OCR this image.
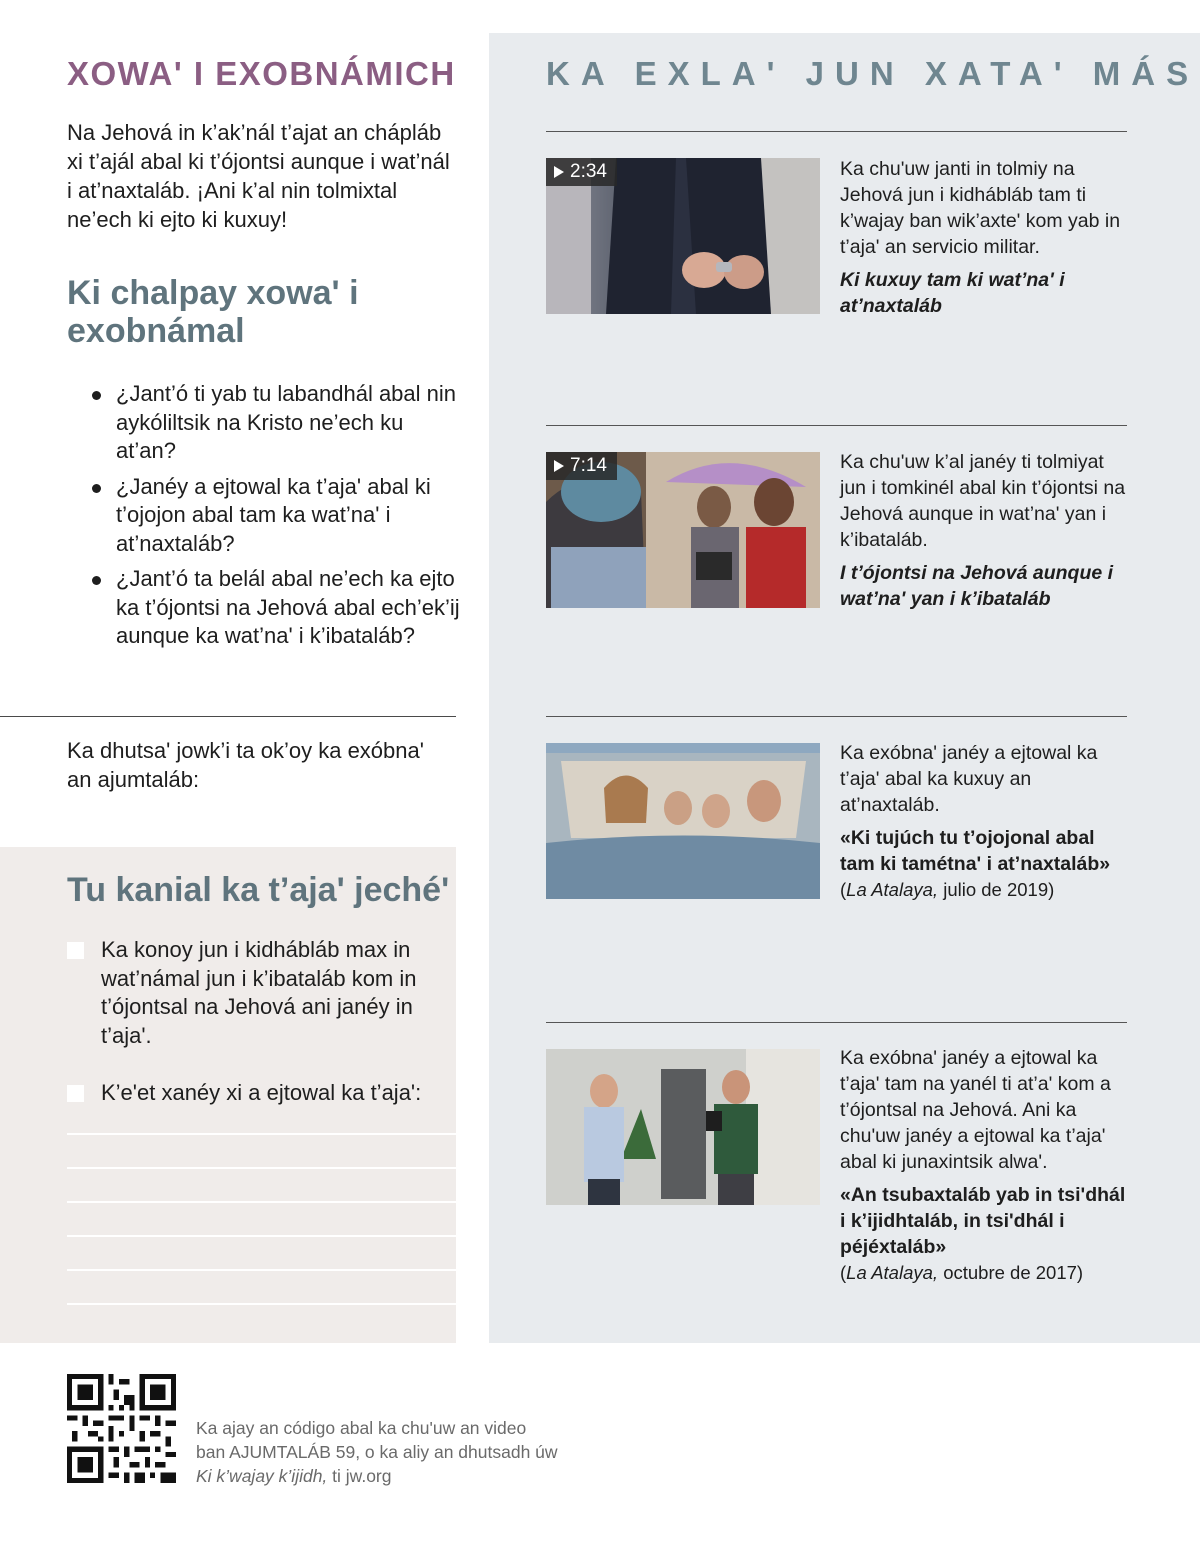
XOWA' I EXOBNÁMICH

Na Jehová in k’ak’nál t’ajat an chápláb xi t’ajál abal ki t’ójontsi aunque i wat’nál i at’naxtaláb. ¡Ani k’al nin tolmixtal ne’ech ki ejto ki kuxuy!

Ki chalpay xowa' i exobnámal
¿Jant’ó ti yab tu labandhál abal nin aykóliltsik na Kristo ne’ech ku at’an?
¿Janéy a ejtowal ka t’aja' abal ki t’ojojon abal tam ka wat’na' i at’naxtaláb?
¿Jant’ó ta belál abal ne’ech ka ejto ka t’ójontsi na Jehová abal ech’ek’ij aunque ka wat’na' i k’ibataláb?

Ka dhutsa' jowk’i ta ok’oy ka exóbna' an ajumtaláb:

Tu kanial ka t’aja' jeché'
Ka konoy jun i kidhábláb max in wat’námal jun i k’ibataláb kom in t’ójontsal na Jehová ani janéy in t’aja'.
K’e'et xanéy xi a ejtowal ka t’aja':
KA EXLA' JUN XATA' MÁS
2:34	Ka chu'uw janti in tolmiy na Jehová jun i kidhábláb tam ti k’wajay ban wik’axte' kom yab in t’aja' an servicio militar.
Ki kuxuy tam ki wat’na' i at’naxtaláb
7:14	Ka chu'uw k’al janéy ti tolmiyat jun i tomkinél abal kin t’ójontsi na Jehová aunque in wat’na' yan i k’ibataláb.
I t’ójontsi na Jehová aunque i wat’na' yan i k’ibataláb
Ka exóbna' janéy a ejtowal ka t’aja' abal ka kuxuy an at’naxtaláb.
«Ki tujúch tu t’ojojonal abal tam ki tamétna' i at’naxtaláb»
(La Atalaya, julio de 2019)
Ka exóbna' janéy a ejtowal ka t’aja' tam na yanél ti at’a' kom a t’ójontsal na Jehová. Ani ka chu'uw janéy a ejtowal ka t’aja' abal ki junaxintsik alwa'.
«An tsubaxtaláb yab in tsi'dhál i k’ijidhtaláb, in tsi'dhál i péjéxtaláb»
(La Atalaya, octubre de 2017)
Ka ajay an código abal ka chu'uw an video
ban AJUMTALÁB 59, o ka aliy an dhutsadh úw
Ki k’wajay k’ijidh, ti jw.org
